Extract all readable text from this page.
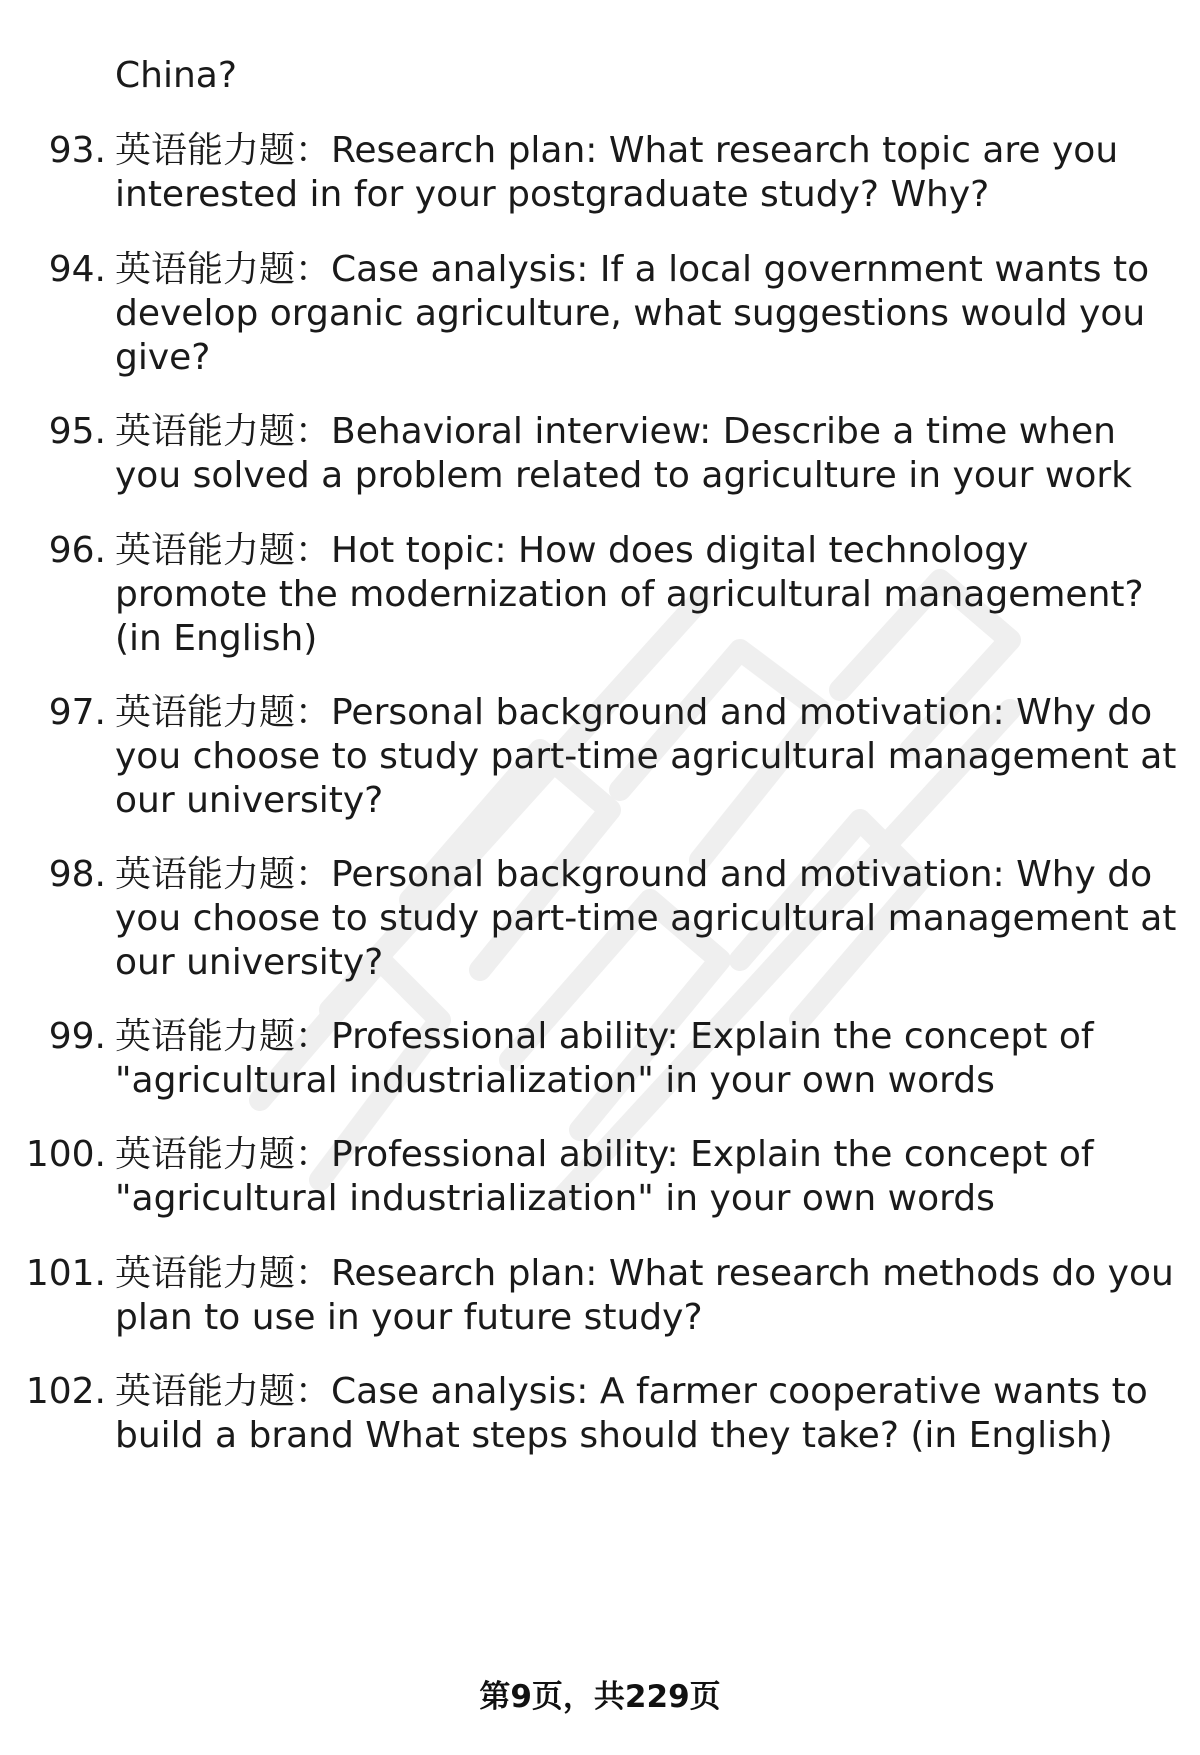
China?
93. 英语能力题：Research plan: What research topic are you
interested in for your postgraduate study? Why?
94. 英语能力题：Case analysis: If a local government wants to
develop organic agriculture, what suggestions would you
give?
95. 英语能力题：Behavioral interview: Describe a time when
you solved a problem related to agriculture in your work
96. 英语能力题：Hot topic: How does digital technology
promote the modernization of agricultural management?
(in English)
97. 英语能力题：Personal background and motivation: Why do
you choose to study part-time agricultural management at
our university?
98. 英语能力题：Personal background and motivation: Why do
you choose to study part-time agricultural management at
our university?
99. 英语能力题：Professional ability: Explain the concept of
"agricultural industrialization" in your own words
100. 英语能力题：Professional ability: Explain the concept of
"agricultural industrialization" in your own words
101. 英语能力题：Research plan: What research methods do you
plan to use in your future study?
102. 英语能力题：Case analysis: A farmer cooperative wants to
build a brand What steps should they take? (in English)
第9页，共229页
